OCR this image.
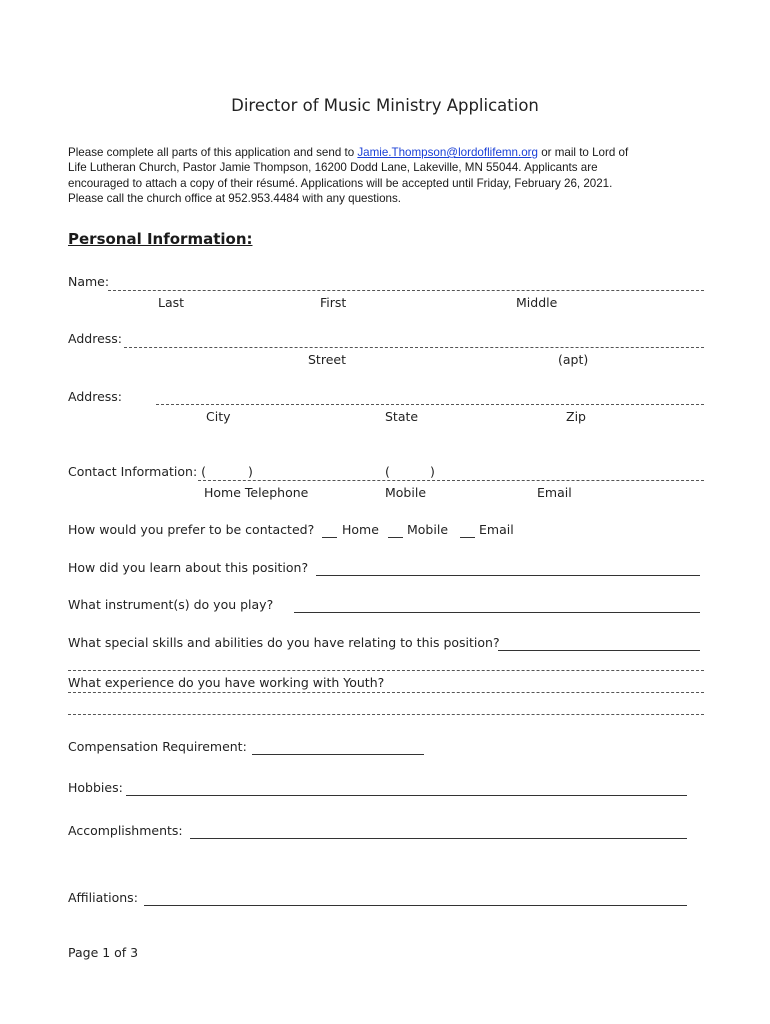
Director of Music Ministry Application

Please complete all parts of this application and send to Jamie.Thompson@lordoflifemn.org or mail to Lord of

Life Lutheran Church, Pastor Jamie Thompson, 16200 Dodd Lane, Lakeville, MN 55044. Applicants are

encouraged to attach a copy of their résumé. Applications will be accepted until Friday, February 26, 2021.

Please call the church office at 952.953.4484 with any questions.

Personal Information:
Name:
Last	First	Middle
Address:
Street	(apt)
Address:
City	State	Zip
Contact Information: (	)	(	)
Home Telephone	Mobile	Email
How would you prefer to be contacted? Home Mobile Email
How did you learn about this position?
What instrument(s) do you play?
What special skills and abilities do you have relating to this position?
What experience do you have working with Youth?
Compensation Requirement:
Hobbies:
Accomplishments:
Affiliations:
Page 1 of 3
